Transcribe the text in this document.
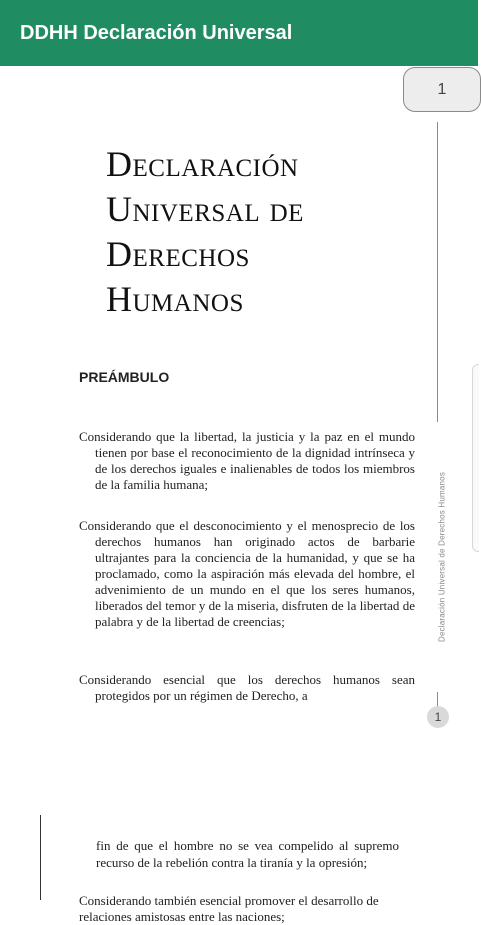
DDHH Declaración Universal
1
Declaración Universal de Derechos Humanos
1
Declaración
Universal de
Derechos
Humanos
PREÁMBULO
Considerando que la libertad, la justicia y la paz en el mundo tienen por base el reconocimiento de la dignidad intrínseca y de los derechos iguales e inalienables de todos los miembros de la familia humana;
Considerando que el desconocimiento y el menosprecio de los derechos humanos han originado actos de barbarie ultrajantes para la conciencia de la humanidad, y que se ha proclamado, como la aspiración más elevada del hombre, el advenimiento de un mundo en el que los seres humanos, liberados del temor y de la miseria, disfruten de la libertad de palabra y de la libertad de creencias;
Considerando esencial que los derechos humanos sean protegidos por un régimen de Derecho, a
fin de que el hombre no se vea compelido al supremo recurso de la rebelión contra la tiranía y la opresión;
Considerando también esencial promover el desarrollo de relaciones amistosas entre las naciones;
